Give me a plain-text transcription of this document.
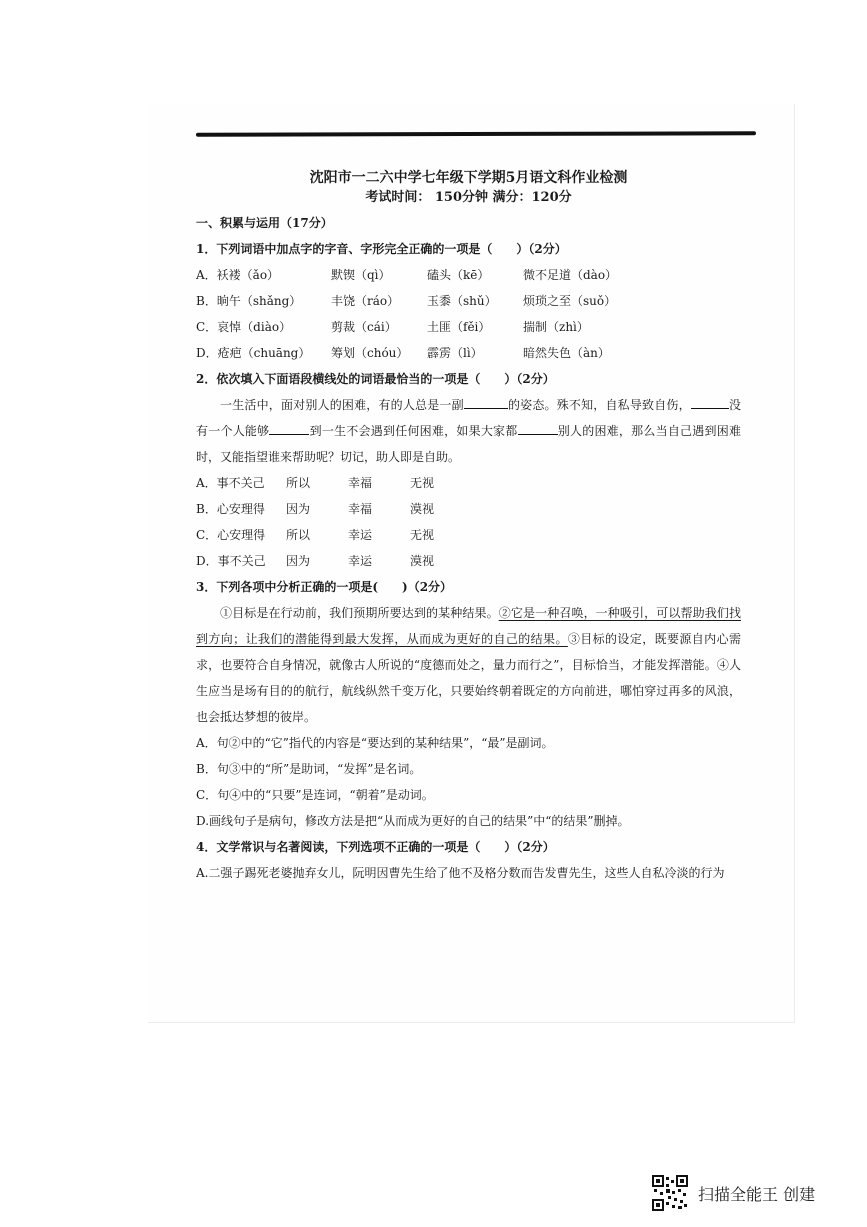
沈阳市一二六中学七年级下学期5月语文科作业检测
考试时间： 150分钟 满分：120分
一、积累与运用（17分）
1．下列词语中加点字的字音、字形完全正确的一项是（　　）（2分）
A．袄褛（ǎo）	默锲（qì）	磕头（kē）	微不足道（dào）
B．晌午（shǎng）	丰饶（ráo）	玉黍（shǔ）	烦琐之至（suǒ）
C．哀悼（diào）	剪裁（cái）	土匪（fěi）	揣制（zhì）
D．疮疤（chuāng）	筹划（chóu）	霹雳（lì）	暗然失色（àn）
2．依次填入下面语段横线处的词语最恰当的一项是（　　）（2分）
一生活中，面对别人的困难，有的人总是一副	的姿态。殊不知，自私导致自伤，	没有一个人能够	到一生不会遇到任何困难，如果大家都	别人的困难，那么当自己遇到困难时，又能指望谁来帮助呢？切记，助人即是自助。
A．事不关己	所以	幸福	无视
B．心安理得	因为	幸福	漠视
C．心安理得	所以	幸运	无视
D．事不关己	因为	幸运	漠视
3．下列各项中分析正确的一项是(　　)（2分）
①目标是在行动前，我们预期所要达到的某种结果。②它是一种召唤，一种吸引，可以帮助我们找到方向；让我们的潜能得到最大发挥，从而成为更好的自己的结果。③目标的设定，既要源自内心需求，也要符合自身情况，就像古人所说的“度德而处之，量力而行之”，目标恰当，才能发挥潜能。④人生应当是场有目的的航行，航线纵然千变万化，只要始终朝着既定的方向前进，哪怕穿过再多的风浪，也会抵达梦想的彼岸。
A．句②中的“它”指代的内容是“要达到的某种结果”，“最”是副词。
B．句③中的“所”是助词，“发挥”是名词。
C．句④中的“只要”是连词，“朝着”是动词。
D.画线句子是病句，修改方法是把“从而成为更好的自己的结果”中“的结果”删掉。
4．文学常识与名著阅读，下列选项不正确的一项是（　　）（2分）
A.二强子踢死老婆抛弃女儿，阮明因曹先生给了他不及格分数而告发曹先生，这些人自私冷淡的行为
扫描全能王 创建
